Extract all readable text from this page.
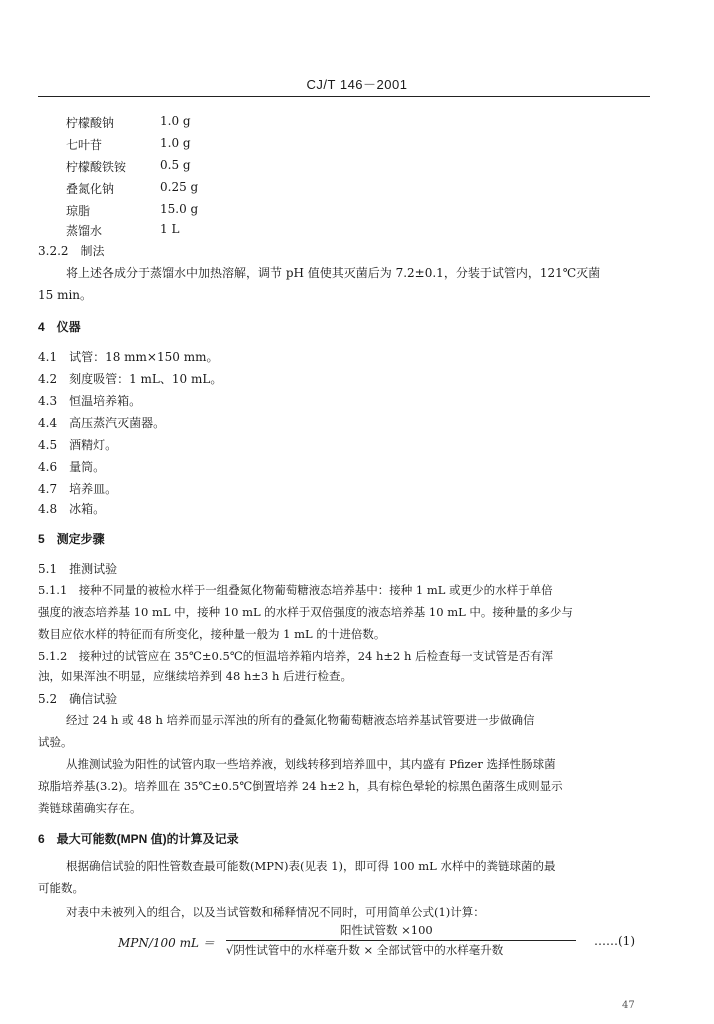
CJ/T 146－2001
柠檬酸钠	1.0 g
七叶苷	1.0 g
柠檬酸铁铵	0.5 g
叠氮化钠	0.25 g
琼脂	15.0 g
蒸馏水	1 L
3.2.2　制法
将上述各成分于蒸馏水中加热溶解，调节 pH 值使其灭菌后为 7.2±0.1，分装于试管内，121℃灭菌
15 min。
4　仪器
4.1　试管：18 mm×150 mm。
4.2　刻度吸管：1 mL、10 mL。
4.3　恒温培养箱。
4.4　高压蒸汽灭菌器。
4.5　酒精灯。
4.6　量筒。
4.7　培养皿。
4.8　冰箱。
5　测定步骤
5.1　推测试验
5.1.1　接种不同量的被检水样于一组叠氮化物葡萄糖液态培养基中：接种 1 mL 或更少的水样于单倍
强度的液态培养基 10 mL 中，接种 10 mL 的水样于双倍强度的液态培养基 10 mL 中。接种量的多少与
数目应依水样的特征而有所变化，接种量一般为 1 mL 的十进倍数。
5.1.2　接种过的试管应在 35℃±0.5℃的恒温培养箱内培养，24 h±2 h 后检查每一支试管是否有浑
浊，如果浑浊不明显，应继续培养到 48 h±3 h 后进行检查。
5.2　确信试验
经过 24 h 或 48 h 培养而显示浑浊的所有的叠氮化物葡萄糖液态培养基试管要进一步做确信
试验。
从推测试验为阳性的试管内取一些培养液，划线转移到培养皿中，其内盛有 Pfizer 选择性肠球菌
琼脂培养基(3.2)。培养皿在 35℃±0.5℃倒置培养 24 h±2 h，具有棕色晕轮的棕黑色菌落生成则显示
粪链球菌确实存在。
6　最大可能数(MPN 值)的计算及记录
根据确信试验的阳性管数查最可能数(MPN)表(见表 1)，即可得 100 mL 水样中的粪链球菌的最
可能数。
对表中未被列入的组合，以及当试管数和稀释情况不同时，可用简单公式(1)计算：
MPN/100 mL ＝
阳性试管数 ×100
√阴性试管中的水样毫升数 × 全部试管中的水样毫升数
……(1)
47
